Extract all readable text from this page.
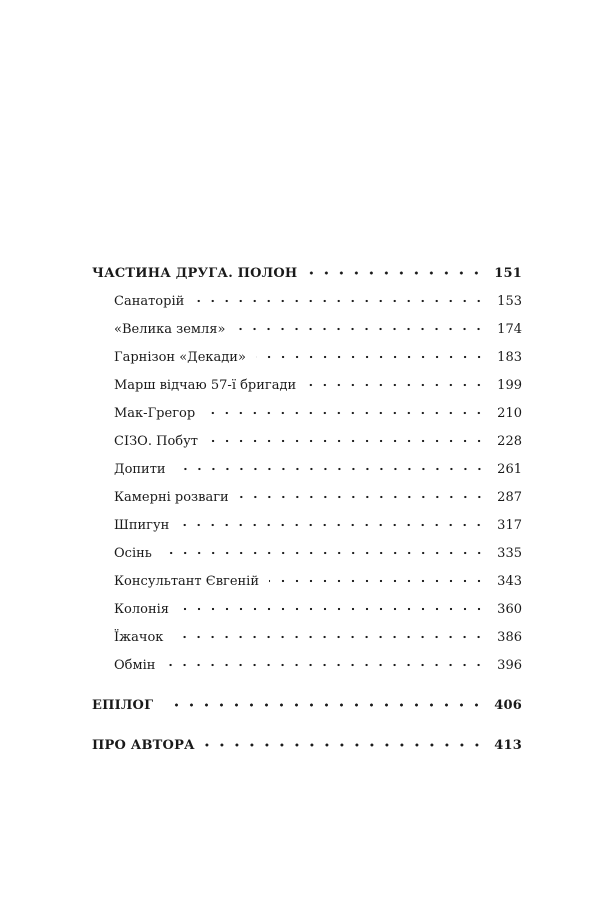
ЧАСТИНА ДРУГА. ПОЛОН	151
Санаторій	153
«Велика земля»	174
Гарнізон «Декади»	183
Марш відчаю 57-ї бригади	199
Мак-Грегор	210
СІЗО. Побут	228
Допити	261
Камерні розваги	287
Шпигун	317
Осінь	335
Консультант Євгеній	343
Колонія	360
Їжачок	386
Обмін	396
ЕПІЛОГ	406
ПРО АВТОРА	413
